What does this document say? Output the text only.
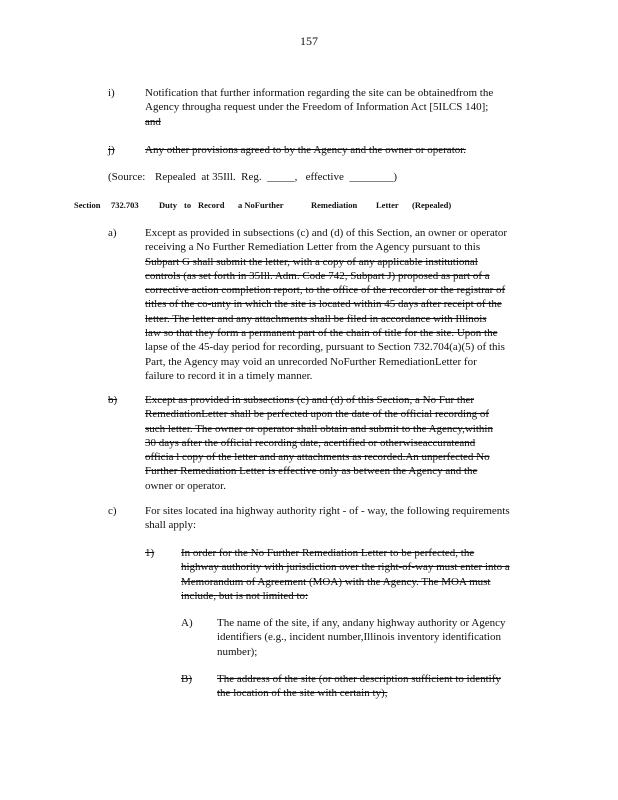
157
i)	Notification that further information regarding the site can be obtainedfrom the
Agency througha request under the Freedom of Information Act [5ILCS 140];
and
j)	Any other provisions agreed to by the Agency and the owner or operator.
(Source: Repealed  at 35Ill.  Reg.  _____,   effective  ________)
Section 732.703 Duty to Record a NoFurther	Remediation Letter (Repealed)
a)	Except as provided in subsections (c) and (d) of this Section, an owner or operator
receiving a No Further Remediation Letter from the Agency pursuant to this
Subpart G shall submit the letter, with a copy of any applicable institutional
controls (as set forth in 35Ill. Adm. Code 742, Subpart J) proposed as part of a
corrective action completion report, to the office of the recorder or the registrar of
titles of the co-unty in which the site is located within 45 days after receipt of the
letter. The letter and any attachments shall be filed in accordance with Illinois
law so that they form a permanent part of the chain of title for the site. Upon the
lapse of the 45-day period for recording, pursuant to Section 732.704(a)(5) of this
Part, the Agency may void an unrecorded NoFurther RemediationLetter for
failure to record it in a timely manner.
b)	Except as provided in subsections (c) and (d) of this Section, a No Fur ther
RemediationLetter shall be perfected upon the date of the official recording of
such letter. The owner or operator shall obtain and submit to the Agency,within
30 days after the official recording date, acertified or otherwiseaccurateand
officia l copy of the letter and any attachments as recorded.An unperfected No
Further Remediation Letter is effective only as between the Agency and the
owner or operator.
c)	For sites located ina highway authority right - of - way, the following requirements
shall apply:
1) In order for the No Further Remediation Letter to be perfected, the
highway authority with jurisdiction over the right-of-way must enter into a
Memorandum of Agreement (MOA) with the Agency. The MOA must
include, but is not limited to:
A) The name of the site, if any, andany highway authority or Agency
identifiers (e.g., incident number,Illinois inventory identification
number);
B) The address of the site (or other description sufficient to identify
the location of the site with certain ty),
